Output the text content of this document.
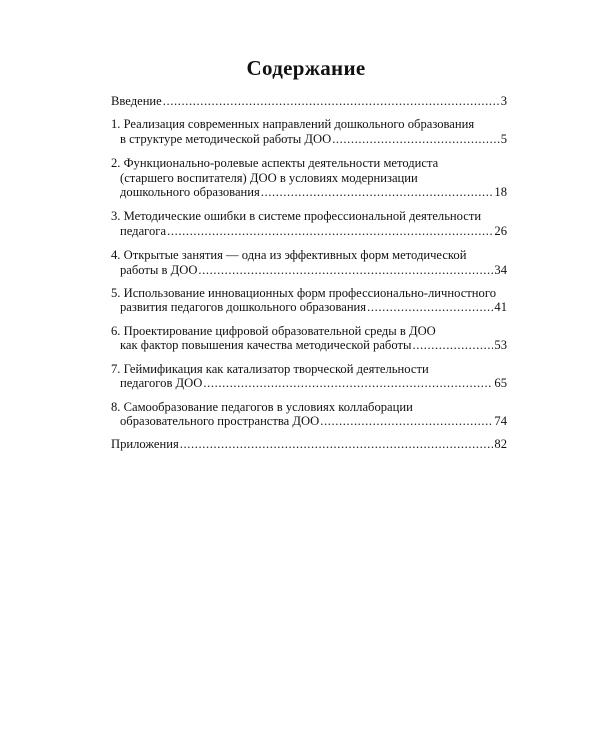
Содержание
Введение .....	3
1. Реализация современных направлений дошкольного образования
в структуре методической работы ДОО .....	5
2. Функционально-ролевые аспекты деятельности методиста
(старшего воспитателя) ДОО в условиях модернизации
дошкольного образования .....	18
3. Методические ошибки в системе профессиональной деятельности
педагога .....	26
4. Открытые занятия — одна из эффективных форм методической
работы в ДОО .....	34
5. Использование инновационных форм профессионально-личностного
развития педагогов дошкольного образования .....	41
6. Проектирование цифровой образовательной среды в ДОО
как фактор повышения качества методической работы .....	53
7. Геймификация как катализатор творческой деятельности
педагогов ДОО .....	65
8. Самообразование педагогов в условиях коллаборации
образовательного пространства ДОО .....	74
Приложения .....	82
